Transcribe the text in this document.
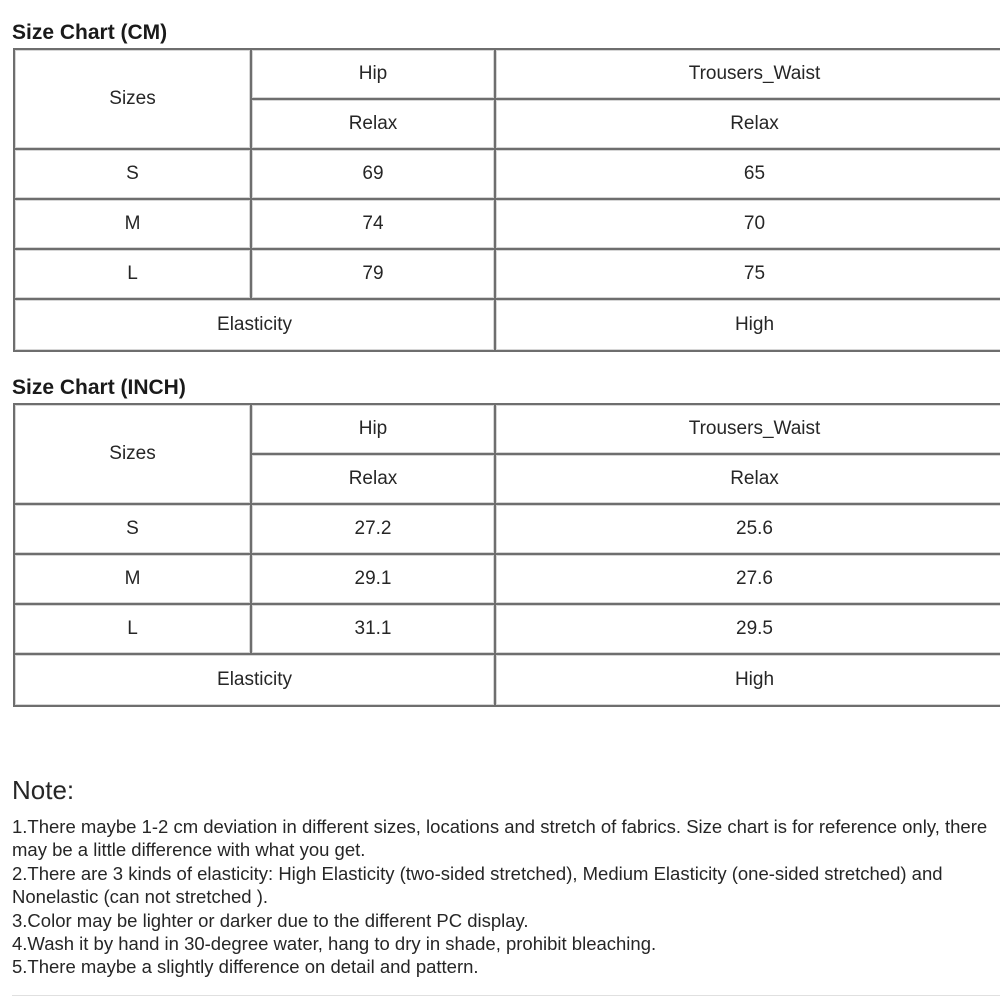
Size Chart (CM)
Sizes	Hip	Trousers_Waist
	Relax	Relax
S	69	65
M	74	70
L	79	75
Elasticity		High
Size Chart (INCH)
Sizes	Hip	Trousers_Waist
	Relax	Relax
S	27.2	25.6
M	29.1	27.6
L	31.1	29.5
Elasticity		High
Note:

1.There maybe 1-2 cm deviation in different sizes, locations and stretch of fabrics. Size chart is for reference only, there may be a little difference with what you get.

2.There are 3 kinds of elasticity: High Elasticity (two-sided stretched), Medium Elasticity (one-sided stretched) and Nonelastic (can not stretched ).

3.Color may be lighter or darker due to the different PC display.

4.Wash it by hand in 30-degree water, hang to dry in shade, prohibit bleaching.

5.There maybe a slightly difference on detail and pattern.
